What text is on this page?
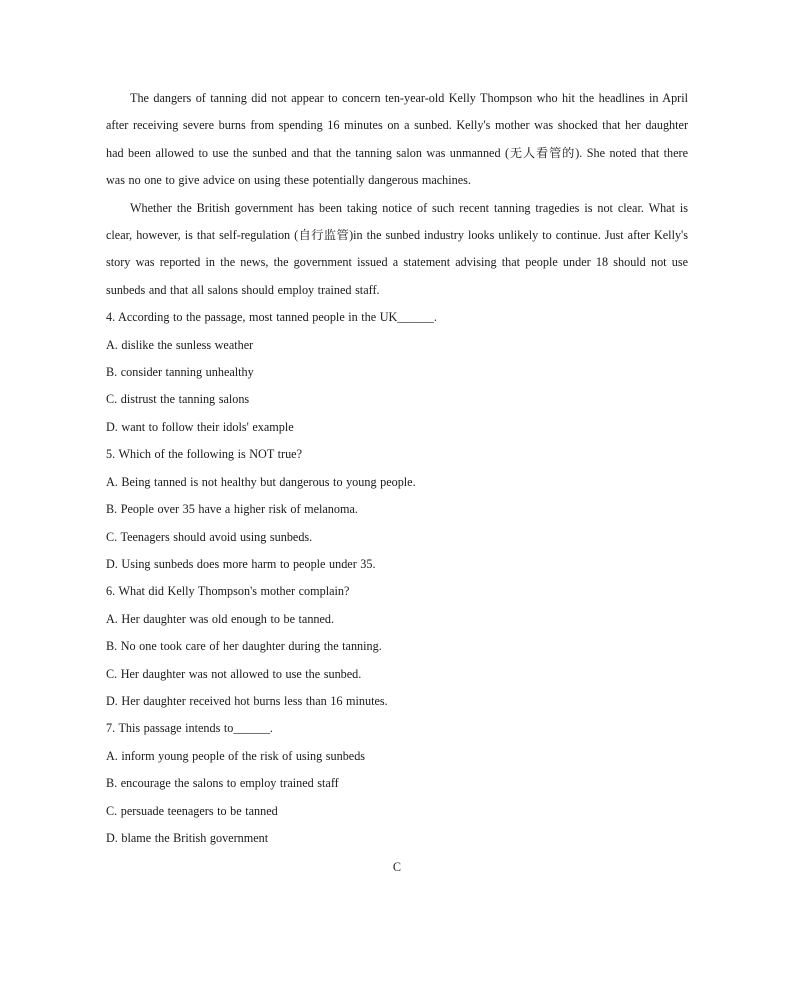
The dangers of tanning did not appear to concern ten-year-old Kelly Thompson who hit the headlines in April after receiving severe burns from spending 16 minutes on a sunbed. Kelly's mother was shocked that her daughter had been allowed to use the sunbed and that the tanning salon was unmanned (无人看管的). She noted that there was no one to give advice on using these potentially dangerous machines.

Whether the British government has been taking notice of such recent tanning tragedies is not clear. What is clear, however, is that self-regulation (自行监管)in the sunbed industry looks unlikely to continue. Just after Kelly's story was reported in the news, the government issued a statement advising that people under 18 should not use sunbeds and that all salons should employ trained staff.

4. According to the passage, most tanned people in the UK______.

A. dislike the sunless weather

B. consider tanning unhealthy

C. distrust the tanning salons

D. want to follow their idols' example

5. Which of the following is NOT true?

A. Being tanned is not healthy but dangerous to young people.

B. People over 35 have a higher risk of melanoma.

C. Teenagers should avoid using sunbeds.

D. Using sunbeds does more harm to people under 35.

6. What did Kelly Thompson's mother complain?

A. Her daughter was old enough to be tanned.

B. No one took care of her daughter during the tanning.

C. Her daughter was not allowed to use the sunbed.

D. Her daughter received hot burns less than 16 minutes.

7. This passage intends to______.

A. inform young people of the risk of using sunbeds

B. encourage the salons to employ trained staff

C. persuade teenagers to be tanned

D. blame the British government

C
